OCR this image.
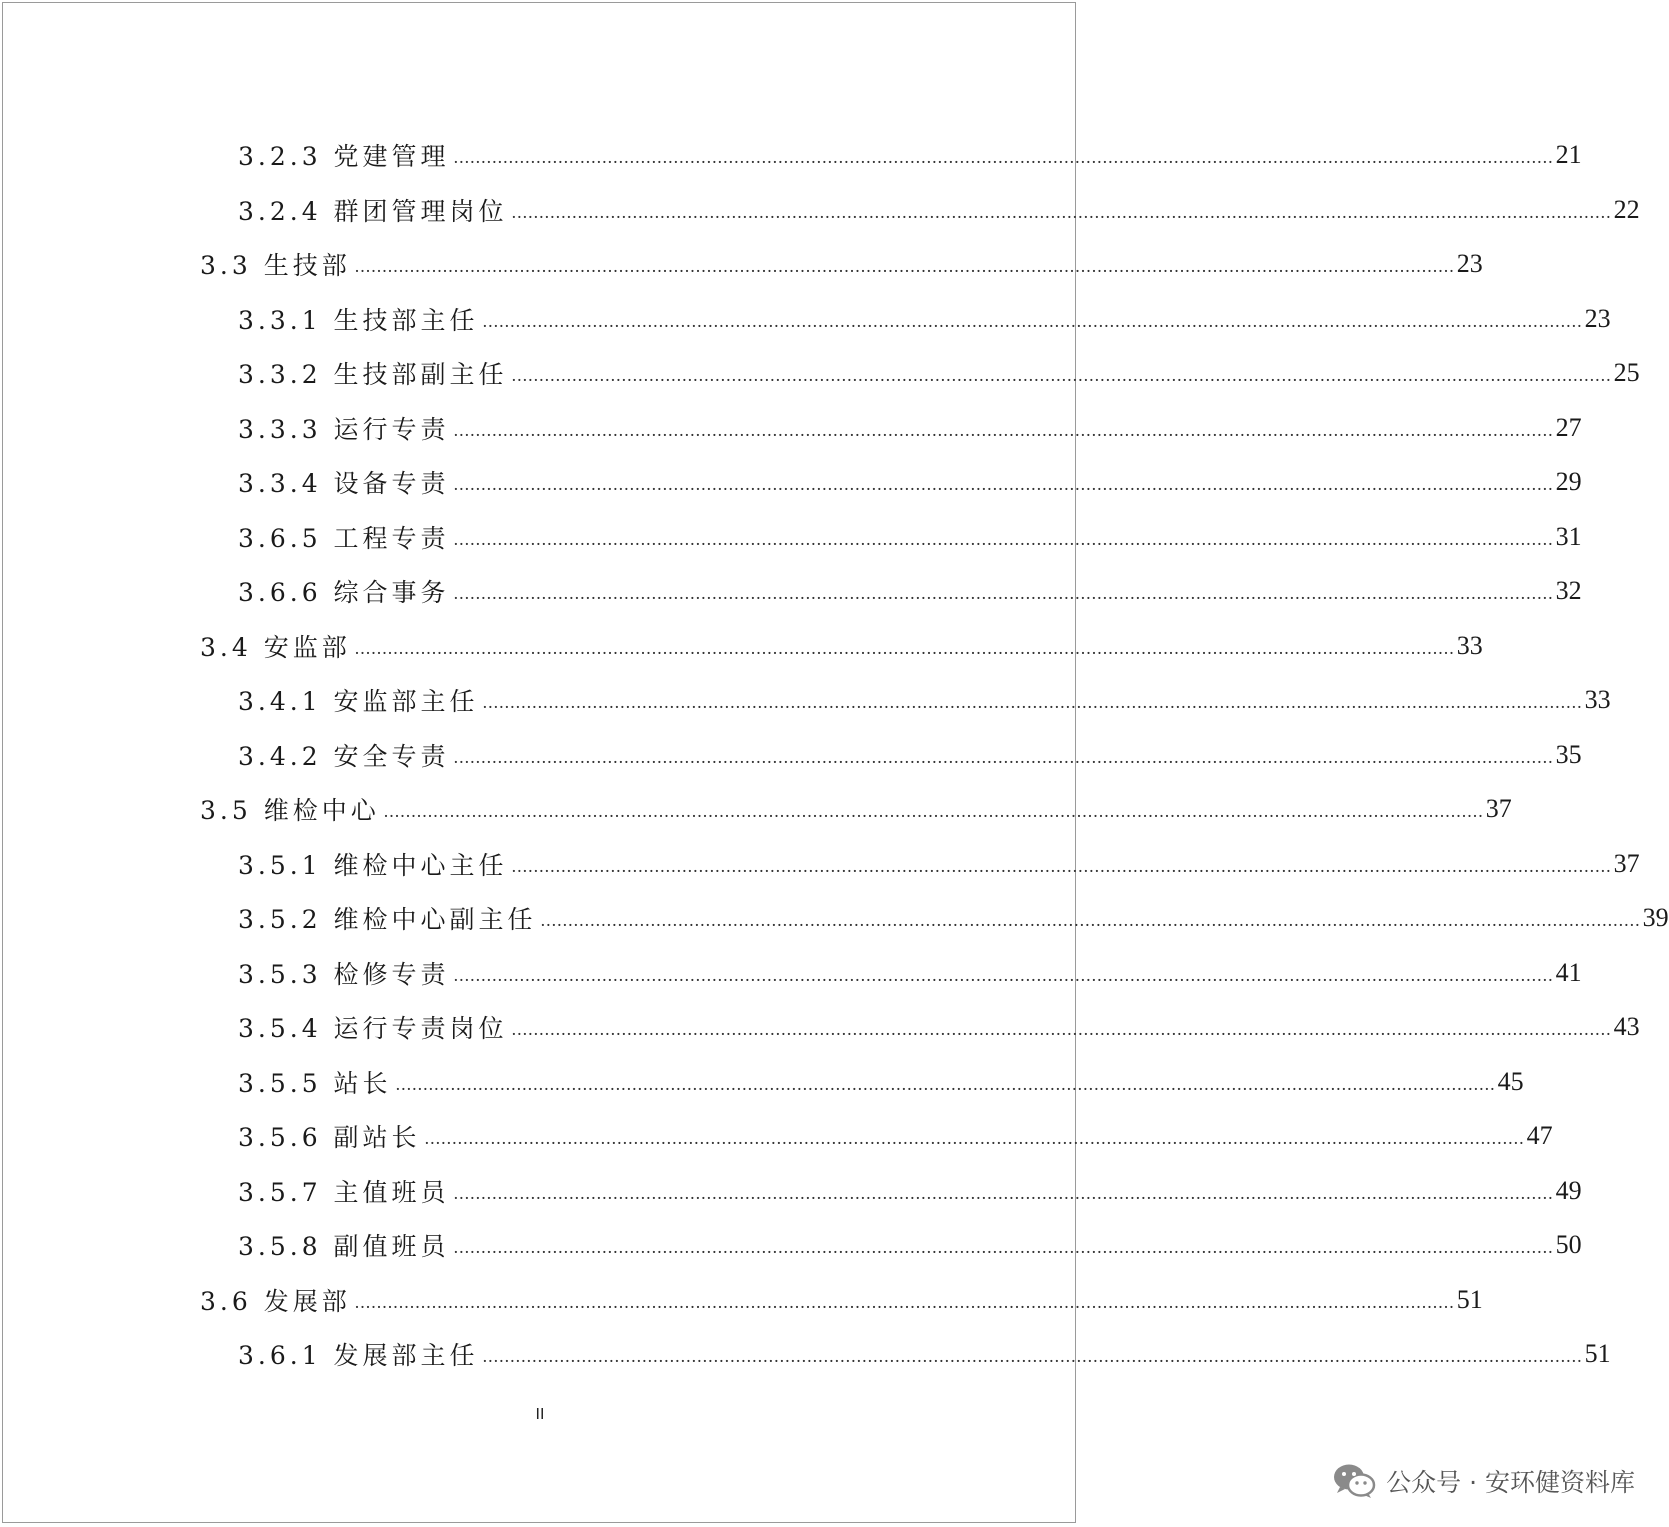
3.2.3 党建管理 ........................................................................................................................................................................................................ 21
3.2.4 群团管理岗位 ........................................................................................................................................................................................................ 22
3.3 生技部 ........................................................................................................................................................................................................ 23
3.3.1 生技部主任 ........................................................................................................................................................................................................ 23
3.3.2 生技部副主任 ........................................................................................................................................................................................................ 25
3.3.3 运行专责 ........................................................................................................................................................................................................ 27
3.3.4 设备专责 ........................................................................................................................................................................................................ 29
3.6.5 工程专责 ........................................................................................................................................................................................................ 31
3.6.6 综合事务 ........................................................................................................................................................................................................ 32
3.4 安监部 ........................................................................................................................................................................................................ 33
3.4.1 安监部主任 ........................................................................................................................................................................................................ 33
3.4.2 安全专责 ........................................................................................................................................................................................................ 35
3.5 维检中心 ........................................................................................................................................................................................................ 37
3.5.1 维检中心主任 ........................................................................................................................................................................................................ 37
3.5.2 维检中心副主任 ........................................................................................................................................................................................................ 39
3.5.3 检修专责 ........................................................................................................................................................................................................ 41
3.5.4 运行专责岗位 ........................................................................................................................................................................................................ 43
3.5.5 站长 ........................................................................................................................................................................................................ 45
3.5.6 副站长 ........................................................................................................................................................................................................ 47
3.5.7 主值班员 ........................................................................................................................................................................................................ 49
3.5.8 副值班员 ........................................................................................................................................................................................................ 50
3.6 发展部 ........................................................................................................................................................................................................ 51
3.6.1 发展部主任 ........................................................................................................................................................................................................ 51
II
公众号 · 安环健资料库
